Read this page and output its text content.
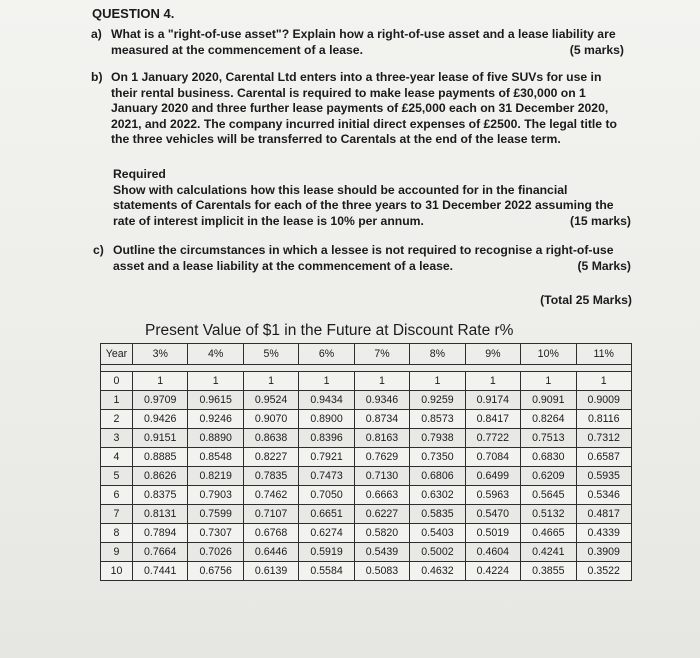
QUESTION 4.
a) What is a "right-of-use asset"? Explain how a right-of-use asset and a lease liability are measured at the commencement of a lease.	(5 marks)

b) On 1 January 2020, Carental Ltd enters into a three-year lease of five SUVs for use in their rental business. Carental is required to make lease payments of £30,000 on 1 January 2020 and three further lease payments of £25,000 each on 31 December 2020, 2021, and 2022. The company incurred initial direct expenses of £2500. The legal title to the three vehicles will be transferred to Carentals at the end of the lease term.

Required

Show with calculations how this lease should be accounted for in the financial statements of Carentals for each of the three years to 31 December 2022 assuming the rate of interest implicit in the lease is 10% per annum.	(15 marks)

c) Outline the circumstances in which a lessee is not required to recognise a right-of-use asset and a lease liability at the commencement of a lease.	(5 Marks)

(Total 25 Marks)
Present Value of $1 in the Future at Discount Rate r%
Year	3%	4%	5%	6%	7%	8%	9%	10%	11%

0	1	1	1	1	1	1	1	1	1
1	0.9709	0.9615	0.9524	0.9434	0.9346	0.9259	0.9174	0.9091	0.9009
2	0.9426	0.9246	0.9070	0.8900	0.8734	0.8573	0.8417	0.8264	0.8116
3	0.9151	0.8890	0.8638	0.8396	0.8163	0.7938	0.7722	0.7513	0.7312
4	0.8885	0.8548	0.8227	0.7921	0.7629	0.7350	0.7084	0.6830	0.6587
5	0.8626	0.8219	0.7835	0.7473	0.7130	0.6806	0.6499	0.6209	0.5935
6	0.8375	0.7903	0.7462	0.7050	0.6663	0.6302	0.5963	0.5645	0.5346
7	0.8131	0.7599	0.7107	0.6651	0.6227	0.5835	0.5470	0.5132	0.4817
8	0.7894	0.7307	0.6768	0.6274	0.5820	0.5403	0.5019	0.4665	0.4339
9	0.7664	0.7026	0.6446	0.5919	0.5439	0.5002	0.4604	0.4241	0.3909
10	0.7441	0.6756	0.6139	0.5584	0.5083	0.4632	0.4224	0.3855	0.3522
